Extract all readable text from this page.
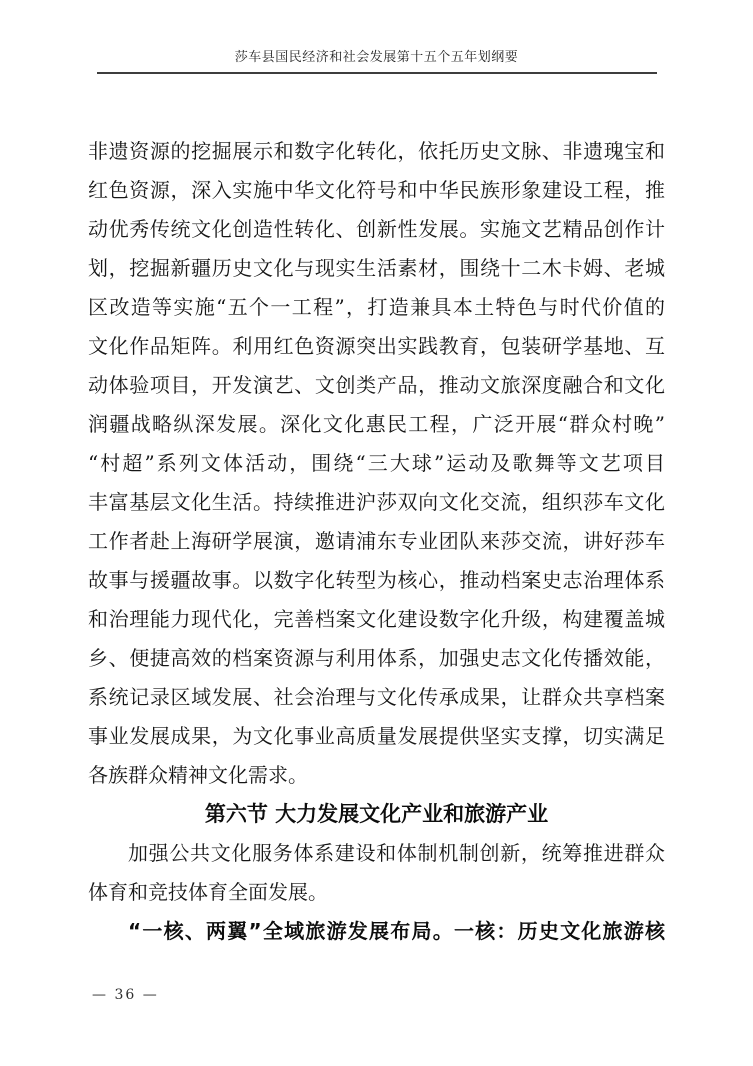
莎车县国民经济和社会发展第十五个五年划纲要
非遗资源的挖掘展示和数字化转化，依托历史文脉、非遗瑰宝和
红色资源，深入实施中华文化符号和中华民族形象建设工程，推
动优秀传统文化创造性转化、创新性发展。实施文艺精品创作计
划，挖掘新疆历史文化与现实生活素材，围绕十二木卡姆、老城
区改造等实施“五个一工程”，打造兼具本土特色与时代价值的
文化作品矩阵。利用红色资源突出实践教育，包装研学基地、互
动体验项目，开发演艺、文创类产品，推动文旅深度融合和文化
润疆战略纵深发展。深化文化惠民工程，广泛开展“群众村晚”
“村超”系列文体活动，围绕“三大球”运动及歌舞等文艺项目
丰富基层文化生活。持续推进沪莎双向文化交流，组织莎车文化
工作者赴上海研学展演，邀请浦东专业团队来莎交流，讲好莎车
故事与援疆故事。以数字化转型为核心，推动档案史志治理体系
和治理能力现代化，完善档案文化建设数字化升级，构建覆盖城
乡、便捷高效的档案资源与利用体系，加强史志文化传播效能，
系统记录区域发展、社会治理与文化传承成果，让群众共享档案
事业发展成果，为文化事业高质量发展提供坚实支撑，切实满足
各族群众精神文化需求。
第六节 大力发展文化产业和旅游产业
加强公共文化服务体系建设和体制机制创新，统筹推进群众
体育和竞技体育全面发展。
“一核、两翼”全域旅游发展布局。一核：历史文化旅游核
— 36 —
